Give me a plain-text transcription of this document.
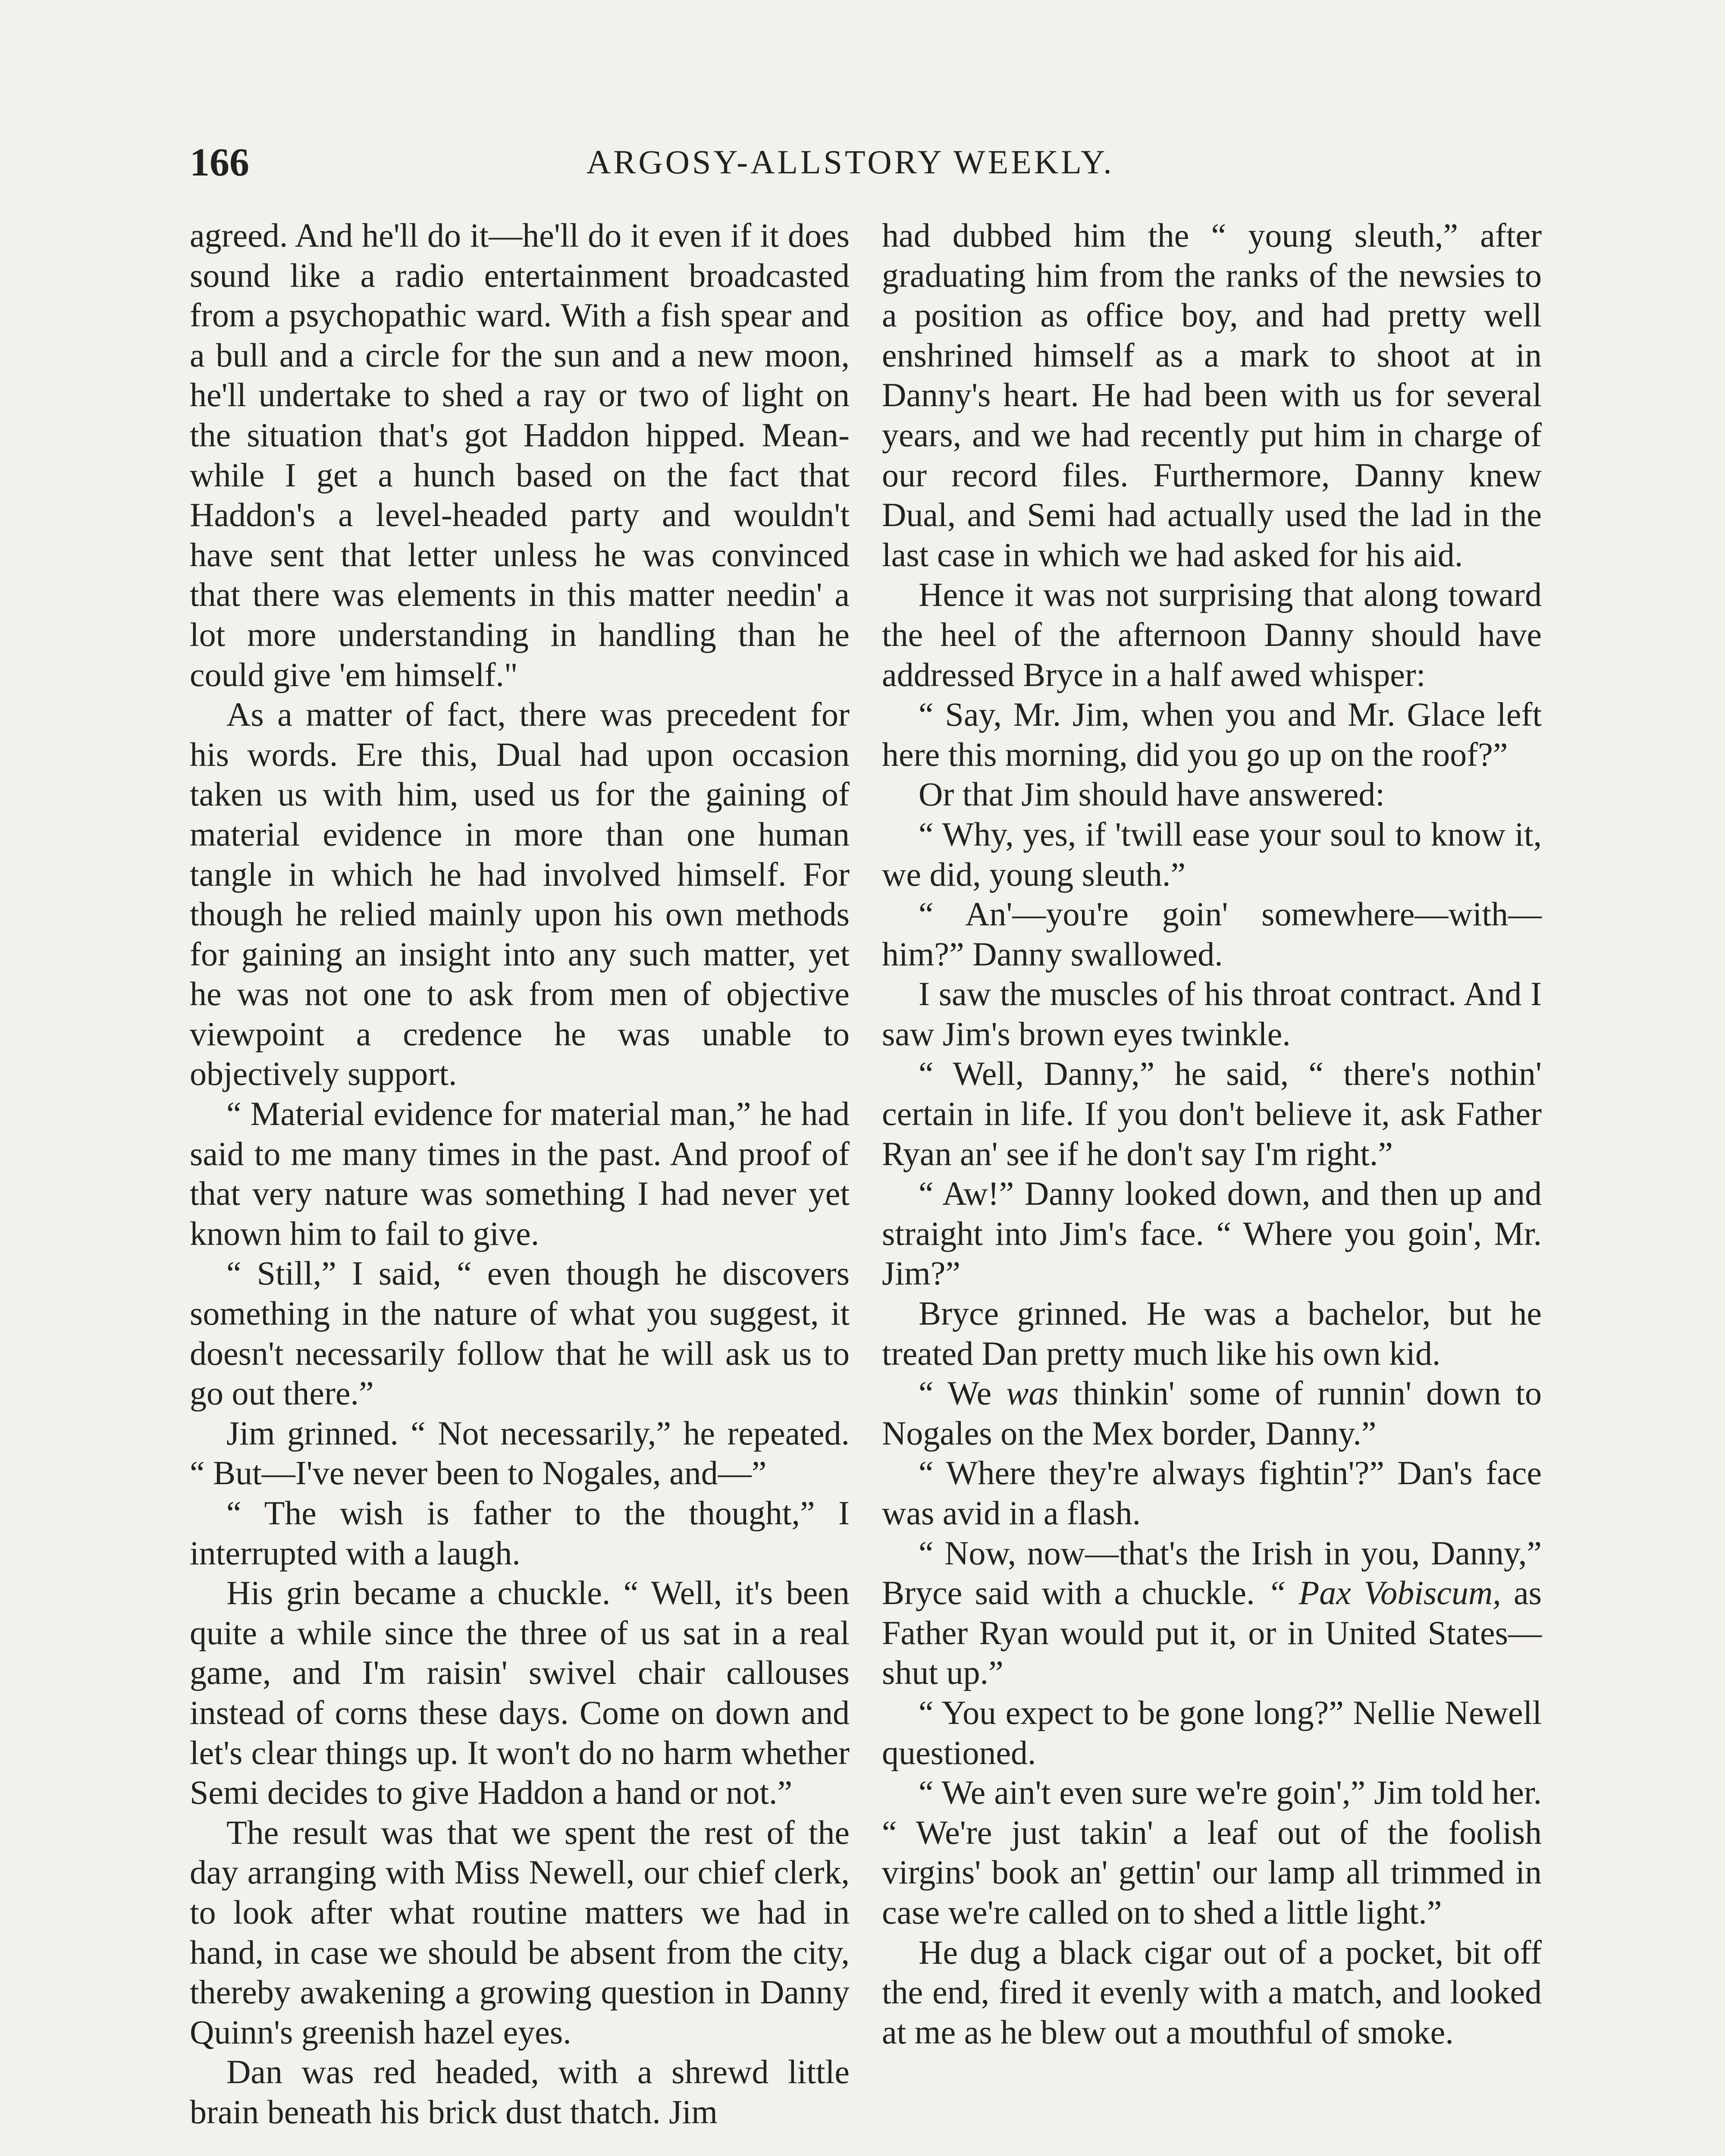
166	ARGOSY-ALLSTORY WEEKLY.

agreed. And he'll do it—he'll do it even if it does sound like a radio entertainment broadcasted from a psychopathic ward. With a fish spear and a bull and a circle for the sun and a new moon, he'll undertake to shed a ray or two of light on the situation that's got Haddon hipped. Meanwhile I get a hunch based on the fact that Haddon's a level-headed party and wouldn't have sent that letter unless he was convinced that there was elements in this matter needin' a lot more understanding in handling than he could give 'em himself."

As a matter of fact, there was precedent for his words. Ere this, Dual had upon occasion taken us with him, used us for the gaining of material evidence in more than one human tangle in which he had involved himself. For though he relied mainly upon his own methods for gaining an insight into any such matter, yet he was not one to ask from men of objective viewpoint a credence he was unable to objectively support.

“ Material evidence for material man,” he had said to me many times in the past. And proof of that very nature was something I had never yet known him to fail to give.

“ Still,” I said, “ even though he discovers something in the nature of what you suggest, it doesn't necessarily follow that he will ask us to go out there.”

Jim grinned. “ Not necessarily,” he repeated. “ But—I've never been to Nogales, and—”

“ The wish is father to the thought,” I interrupted with a laugh.

His grin became a chuckle. “ Well, it's been quite a while since the three of us sat in a real game, and I'm raisin' swivel chair callouses instead of corns these days. Come on down and let's clear things up. It won't do no harm whether Semi decides to give Haddon a hand or not.”

The result was that we spent the rest of the day arranging with Miss Newell, our chief clerk, to look after what routine matters we had in hand, in case we should be absent from the city, thereby awakening a growing question in Danny Quinn's greenish hazel eyes.

Dan was red headed, with a shrewd little brain beneath his brick dust thatch. Jim

had dubbed him the “ young sleuth,” after graduating him from the ranks of the newsies to a position as office boy, and had pretty well enshrined himself as a mark to shoot at in Danny's heart. He had been with us for several years, and we had recently put him in charge of our record files. Furthermore, Danny knew Dual, and Semi had actually used the lad in the last case in which we had asked for his aid.

Hence it was not surprising that along toward the heel of the afternoon Danny should have addressed Bryce in a half awed whisper:

“ Say, Mr. Jim, when you and Mr. Glace left here this morning, did you go up on the roof?”

Or that Jim should have answered:

“ Why, yes, if 'twill ease your soul to know it, we did, young sleuth.”

“ An'—you're goin' somewhere—with—him?” Danny swallowed.

I saw the muscles of his throat contract. And I saw Jim's brown eyes twinkle.

“ Well, Danny,” he said, “ there's nothin' certain in life. If you don't believe it, ask Father Ryan an' see if he don't say I'm right.”

“ Aw!” Danny looked down, and then up and straight into Jim's face. “ Where you goin', Mr. Jim?”

Bryce grinned. He was a bachelor, but he treated Dan pretty much like his own kid.

“ We was thinkin' some of runnin' down to Nogales on the Mex border, Danny.”

“ Where they're always fightin'?” Dan's face was avid in a flash.

“ Now, now—that's the Irish in you, Danny,” Bryce said with a chuckle. “ Pax Vobiscum, as Father Ryan would put it, or in United States—shut up.”

“ You expect to be gone long?” Nellie Newell questioned.

“ We ain't even sure we're goin',” Jim told her. “ We're just takin' a leaf out of the foolish virgins' book an' gettin' our lamp all trimmed in case we're called on to shed a little light.”

He dug a black cigar out of a pocket, bit off the end, fired it evenly with a match, and looked at me as he blew out a mouthful of smoke.
